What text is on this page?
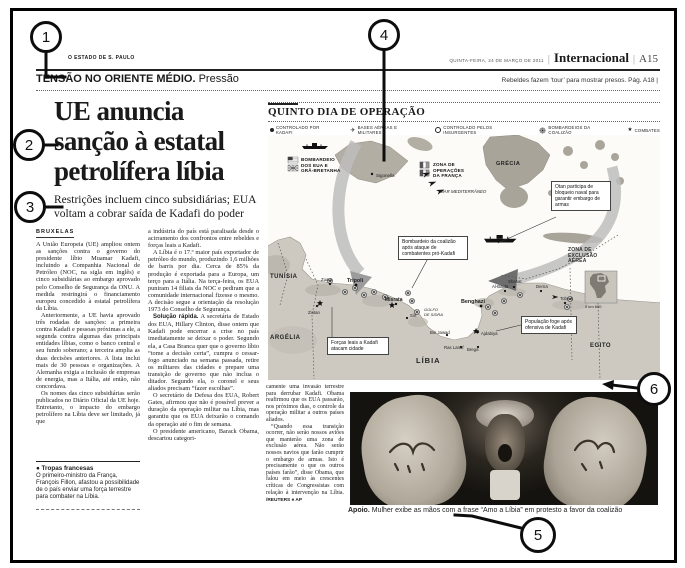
O ESTADO DE S. PAULO	QUINTA-FEIRA, 24 DE MARÇO DE 2011 | Internacional | A15
TENSÃO NO ORIENTE MÉDIO. Pressão	Rebeldes fazem ‘tour’ para mostrar presos. Pág. A18 |
UE anuncia
sanção à estatal
petrolífera líbia
Restrições incluem cinco subsidiárias; EUA voltam a cobrar saída de Kadafi do poder
BRUXELAS

A União Europeia (UE) ampliou ontem as sanções contra o governo do presidente líbio Muamar Kadafi, incluindo a Companhia Nacional de Petróleo (NOC, na sigla em inglês) e cinco subsidiárias ao embargo aprovado pelo Conselho de Segurança da ONU. A medida restringirá o financiamento europeu concedido à estatal petrolífera da Líbia.

Anteriormente, a UE havia aprovado três rodadas de sanções: a primeira contra Kadafi e pessoas próximas a ele, a segunda contra algumas das principais entidades líbias, como o banco central e seu fundo soberano; a terceira amplia as duas decisões anteriores. A lista inclui mais de 30 pessoas e organizações. A Alemanha exigia a inclusão de empresas de energia, mas a Itália, até então, não concordava.

Os nomes das cinco subsidiárias serão publicados no Diário Oficial da UE hoje. Entretanto, o impacto do embargo petrolífero na Líbia deve ser limitado, já que

a indústria do país está paralisada desde o acirramento dos confrontos entre rebeldes e forças leais a Kadafi.

A Líbia é o 17.º maior país exportador de petróleo do mundo, produzindo 1,6 milhões de barris por dia. Cerca de 85% da produção é exportada para a Europa, um terço para a Itália. Na terça-feira, os EUA puniram 14 filiais da NOC e pediram que a comunidade internacional fizesse o mesmo. A decisão segue a orientação da resolução 1973 do Conselho de Segurança.

Solução rápida. A secretária de Estado dos EUA, Hillary Clinton, disse ontem que Kadafi pode encerrar a crise no país imediatamente se deixar o poder. Segundo ela, a Casa Branca quer que o governo líbio “tome a decisão certa”, cumpra o cessar-fogo anunciado na semana passada, retire os militares das cidades e prepare uma transição de governo que não inclua o ditador. Segundo ela, o coronel e seus aliados precisam “fazer escolhas”.

O secretário de Defesa dos EUA, Robert Gates, afirmou que não é possível prever a duração da operação militar na Líbia, mas garantiu que os EUA deixarão o comando da operação até o fim de semana.

O presidente americano, Barack Obama, descartou categori-

camente uma invasão terrestre para derrubar Kadafi. Obama reafirmou que os EUA passarão, nos próximos dias, o controle da operação militar a outros países aliados.

“Quando essa transição ocorrer, não serão nossos aviões que manterão uma zona de exclusão aérea. Não serão nossos navios que farão cumprir o embargo de armas. Isto é precisamente o que os outros países farão”, disse Obama, que falou em meio às crescentes críticas de Congressistas com relação à intervenção na Líbia. /REUTERS e AP

● Tropas francesas
O primeiro-ministro da França, François Fillon, afastou a possibilidade de o país enviar uma força terrestre para combater na Líbia.
QUINTO DIA DE OPERAÇÃO
CONTROLADO POR KADAFI	✈ BASES AÉREAS E MILITARES
CONTROLADO PELOS INSURGENTES
BOMBARDEIOS DA COALIZÃO	★ COMBATES
TUNÍSIA
ARGÉLIA
LÍBIA
EGITO
GRÉCIA
MAR MEDITERRÂNEO
GOLFO
DE SIDRA
Sigonella
Zuara	Trípoli
Zintan
Misrata
Sirt
Bin Jawad
Ras Lanuf
Benghazi
Ajdabiya
Brega
Al-Baida
Shahat
Derna
Tobruk
0 km 600
BOMBARDEIO DOS EUA E GRÃ-BRETANHA
ZONA DE OPERAÇÕES DA FRANÇA
ZONA DE EXCLUSÃO AÉREA
Otan participa de bloqueio naval para garantir embargo de armas
Bombardeio da coalizão após ataque de combatentes pró-Kadafi
Forças leais a Kadafi atacam cidade
População foge após ofensiva de Kadafi
Apoio. Mulher exibe as mãos com a frase “Amo a Líbia” em protesto a favor da coalizão
1
2
3
4
5
6
